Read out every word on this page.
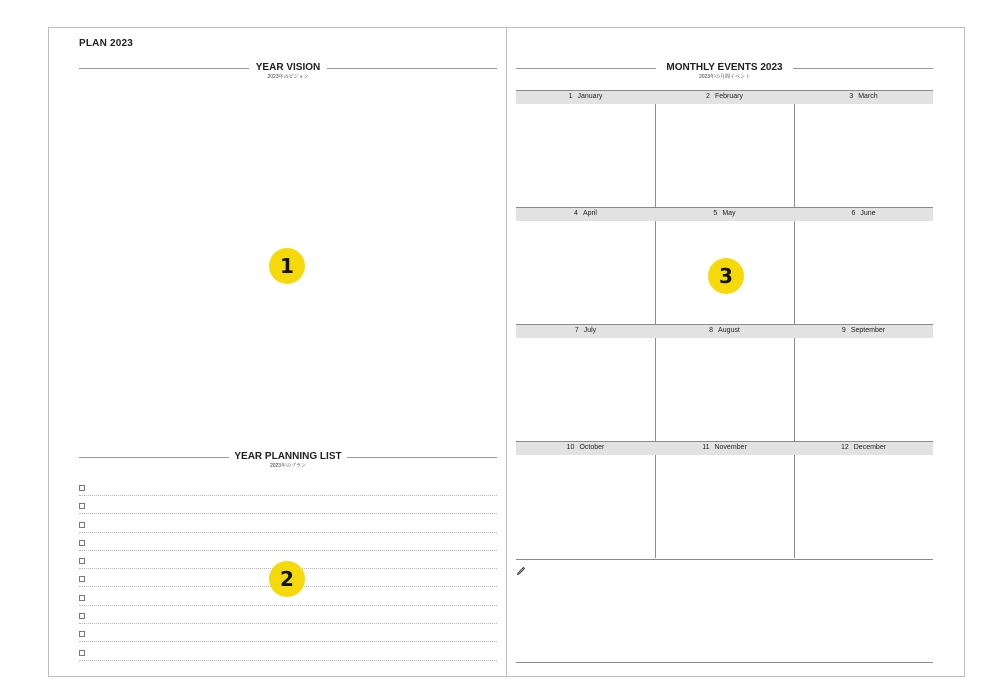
PLAN 2023
YEAR VISION
2023年のビジョン
1
YEAR PLANNING LIST
2023年のプラン
2
MONTHLY EVENTS 2023
2023年の月間イベント
1 January	2 February	3 March
4 April	5 May	6 June
7 July	8 August	9 September
10 October	11 November	12 December
3
